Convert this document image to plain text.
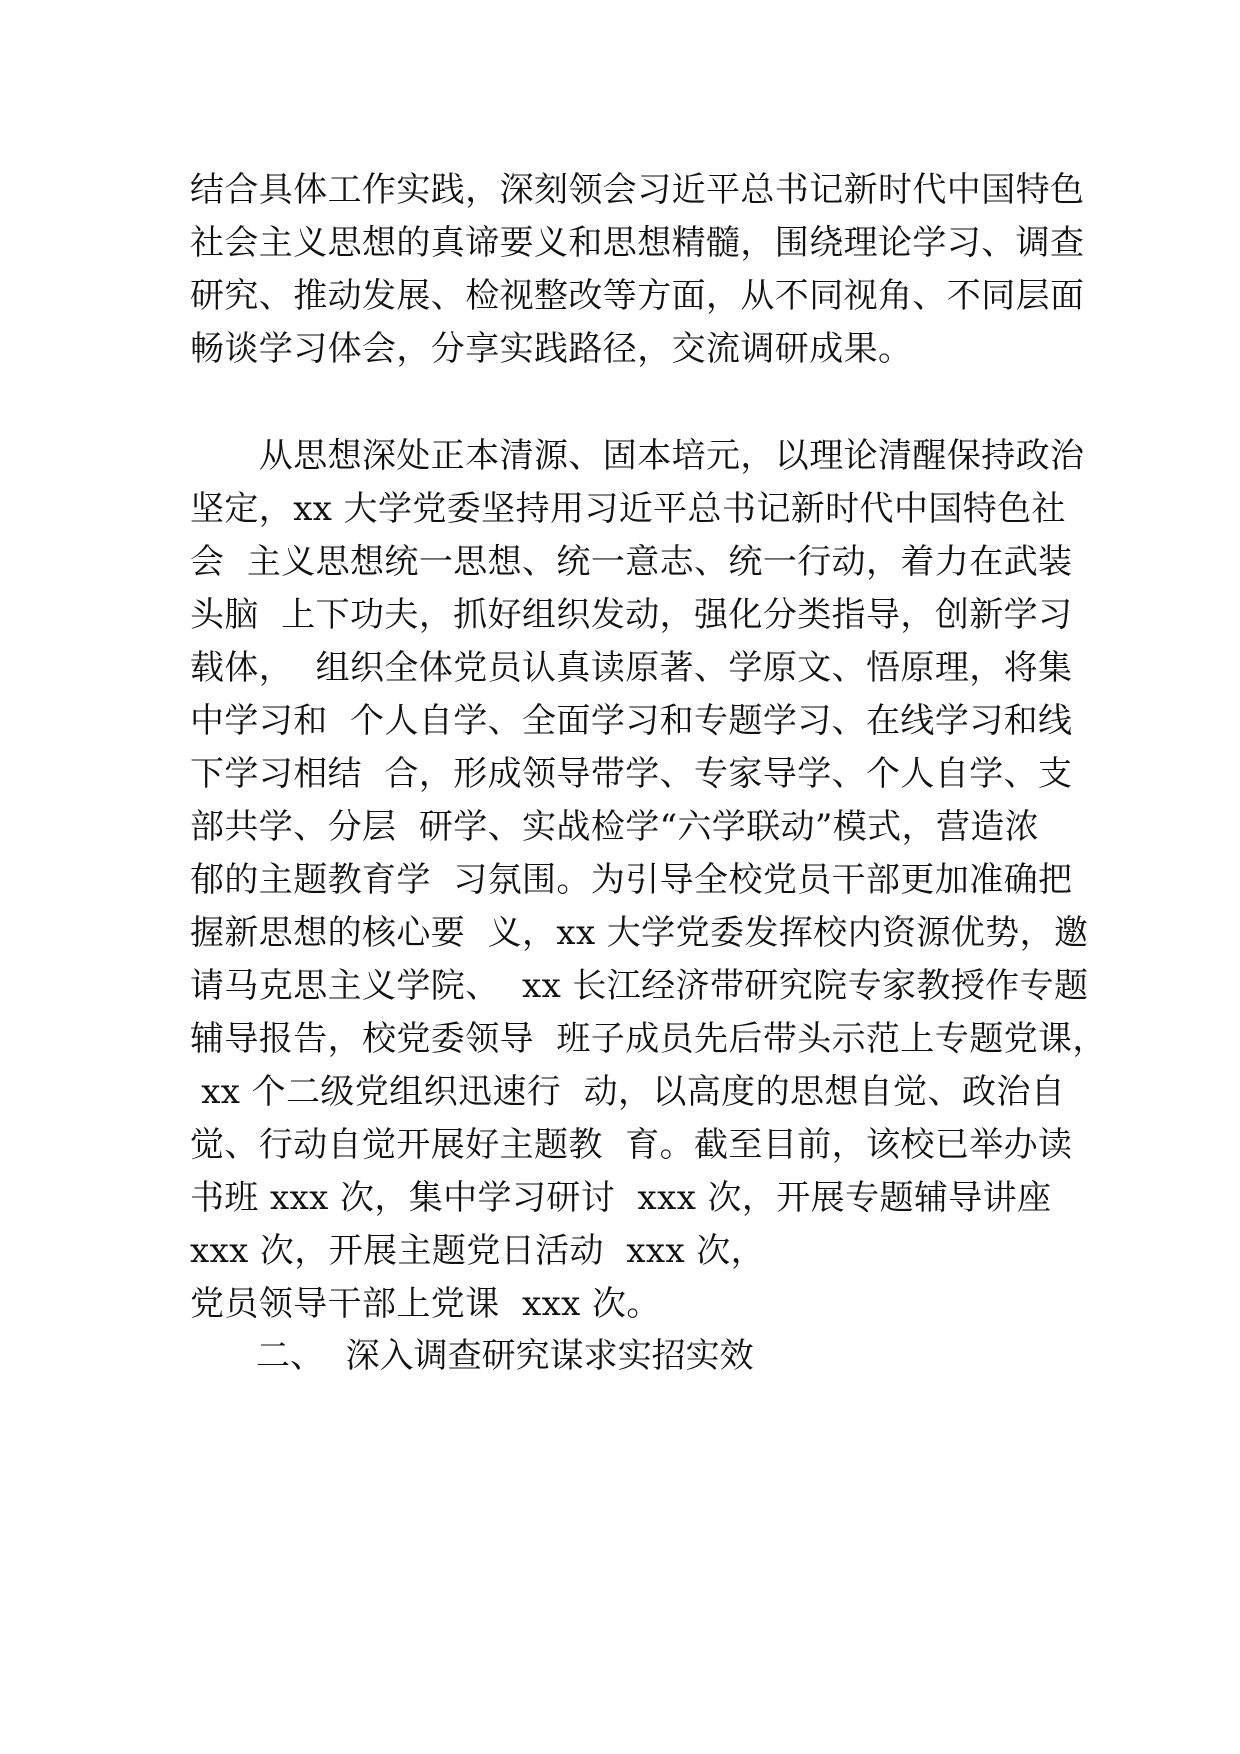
结合具体工作实践，深刻领会习近平总书记新时代中国特色
社会主义思想的真谛要义和思想精髓，围绕理论学习、调查
研究、推动发展、检视整改等方面，从不同视角、不同层面
畅谈学习体会，分享实践路径，交流调研成果。
　　从思想深处正本清源、固本培元，以理论清醒保持政治
坚定，xx 大学党委坚持用习近平总书记新时代中国特色社
会  主义思想统一思想、统一意志、统一行动，着力在武装
头脑  上下功夫，抓好组织发动，强化分类指导，创新学习
载体，  组织全体党员认真读原著、学原文、悟原理，将集
中学习和  个人自学、全面学习和专题学习、在线学习和线
下学习相结  合，形成领导带学、专家导学、个人自学、支
部共学、分层  研学、实战检学“六学联动”模式，营造浓
郁的主题教育学  习氛围。为引导全校党员干部更加准确把
握新思想的核心要  义，xx 大学党委发挥校内资源优势，邀
请马克思主义学院、  xx 长江经济带研究院专家教授作专题
辅导报告，校党委领导  班子成员先后带头示范上专题党课，
xx 个二级党组织迅速行  动，以高度的思想自觉、政治自
觉、行动自觉开展好主题教  育。截至目前，该校已举办读
书班 xxx 次，集中学习研讨  xxx 次，开展专题辅导讲座
xxx 次，开展主题党日活动  xxx 次，
党员领导干部上党课  xxx 次。
二、  深入调查研究谋求实招实效
